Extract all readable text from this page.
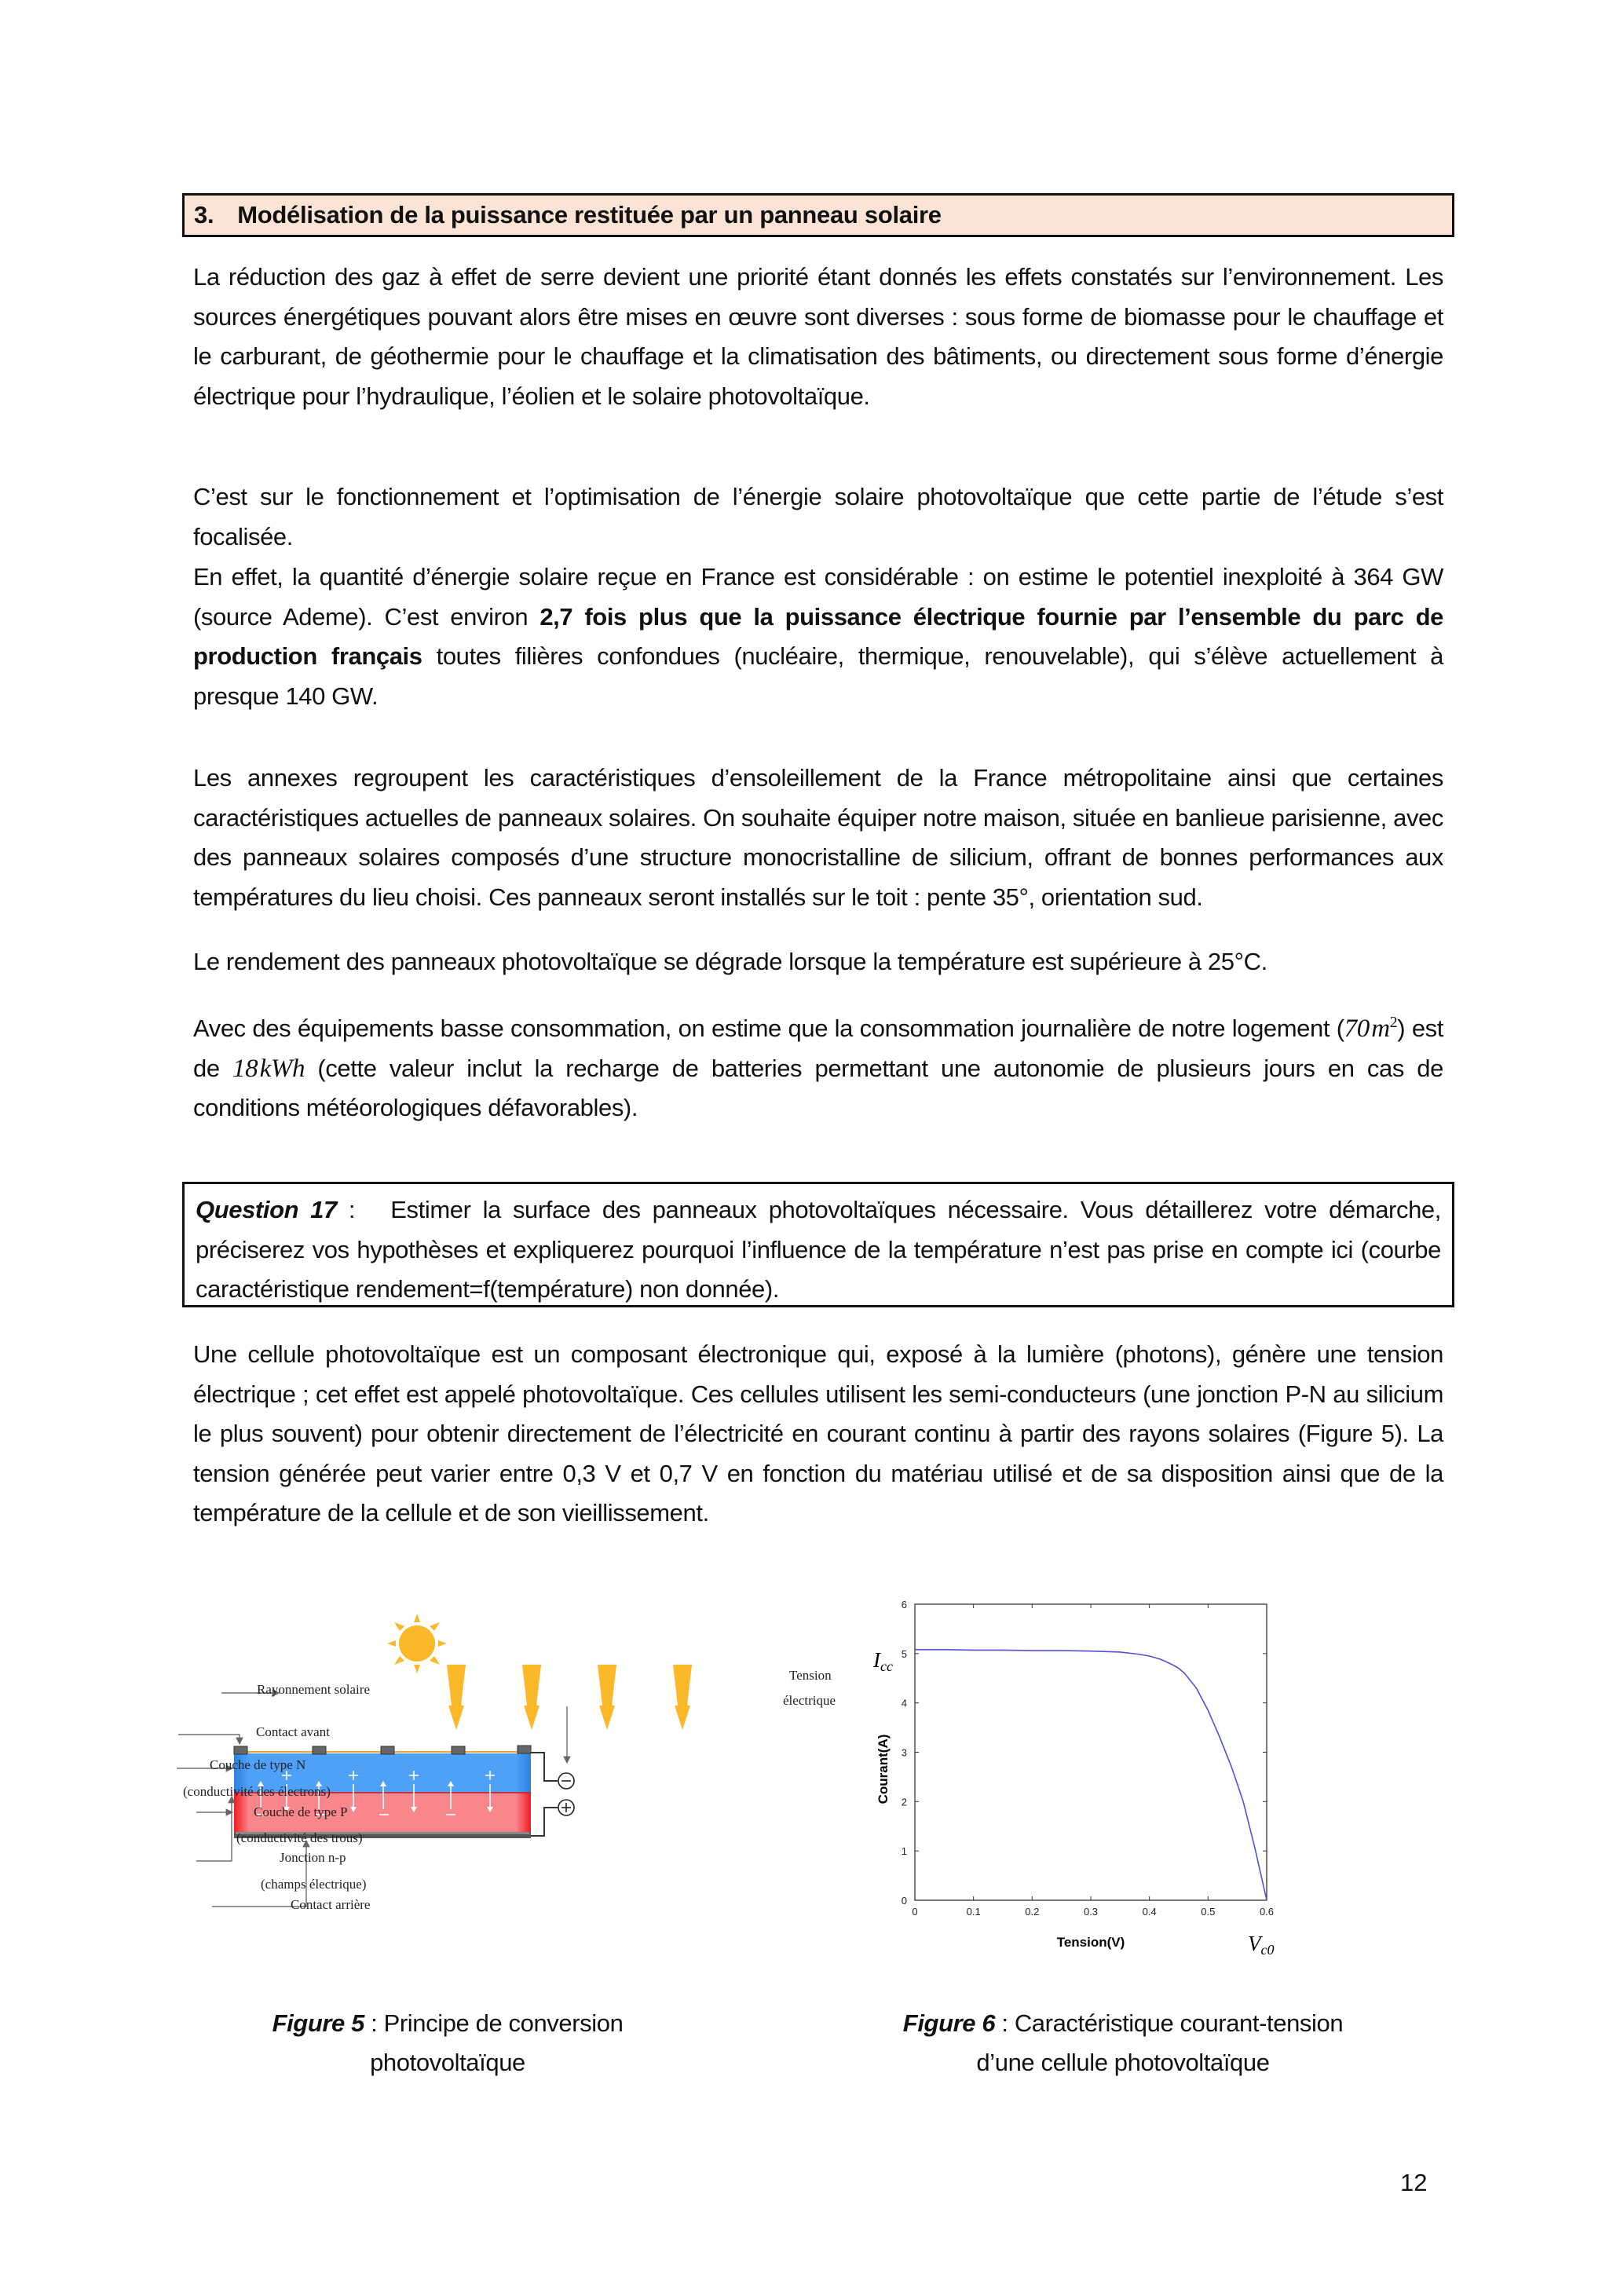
3. Modélisation de la puissance restituée par un panneau solaire

La réduction des gaz à effet de serre devient une priorité étant donnés les effets constatés sur l’environnement. Les sources énergétiques pouvant alors être mises en œuvre sont diverses : sous forme de biomasse pour le chauffage et le carburant, de géothermie pour le chauffage et la climatisation des bâtiments, ou directement sous forme d’énergie électrique pour l’hydraulique, l’éolien et le solaire photovoltaïque.

C’est sur le fonctionnement et l’optimisation de l’énergie solaire photovoltaïque que cette partie de l’étude s’est focalisée.

En effet, la quantité d’énergie solaire reçue en France est considérable : on estime le potentiel inexploité à 364 GW (source Ademe). C’est environ 2,7 fois plus que la puissance électrique fournie par l’ensemble du parc de production français toutes filières confondues (nucléaire, thermique, renouvelable), qui s’élève actuellement à presque 140 GW.

Les annexes regroupent les caractéristiques d’ensoleillement de la France métropolitaine ainsi que certaines caractéristiques actuelles de panneaux solaires. On souhaite équiper notre maison, située en banlieue parisienne, avec des panneaux solaires composés d’une structure monocristalline de silicium, offrant de bonnes performances aux températures du lieu choisi. Ces panneaux seront installés sur le toit : pente 35°, orientation sud.

Le rendement des panneaux photovoltaïque se dégrade lorsque la température est supérieure à 25°C.

Avec des équipements basse consommation, on estime que la consommation journalière de notre logement (70 $m^2$) est de 18 kWh (cette valeur inclut la recharge de batteries permettant une autonomie de plusieurs jours en cas de conditions météorologiques défavorables).

Question 17 :   Estimer la surface des panneaux photovoltaïques nécessaire. Vous détaillerez votre démarche, préciserez vos hypothèses et expliquerez pourquoi l’influence de la température n’est pas prise en compte ici (courbe caractéristique rendement=f(température) non donnée).

Une cellule photovoltaïque est un composant électronique qui, exposé à la lumière (photons), génère une tension électrique ; cet effet est appelé photovoltaïque. Ces cellules utilisent les semi-conducteurs (une jonction P-N au silicium le plus souvent) pour obtenir directement de l’électricité en courant continu à partir des rayons solaires (Figure 5). La tension générée peut varier entre 0,3 V et 0,7 V en fonction du matériau utilisé et de sa disposition ainsi que de la température de la cellule et de son vieillissement.

Rayonnement solaire
Contact avant
Couche de type N
(conductivité des électrons)
Couche de type P
(conductivité des trous)
Jonction n-p
(champs électrique)
Contact arrière
Tension
électrique
0	0.1	0.2	0.3	0.4	0.5	0.6
0
1
2
3
4
5
6
Tension(V)
Courant(A)
Icc
Vc0
Figure 5 : Principe de conversion
photovoltaïque
Figure 6 : Caractéristique courant-tension
d’une cellule photovoltaïque
12
